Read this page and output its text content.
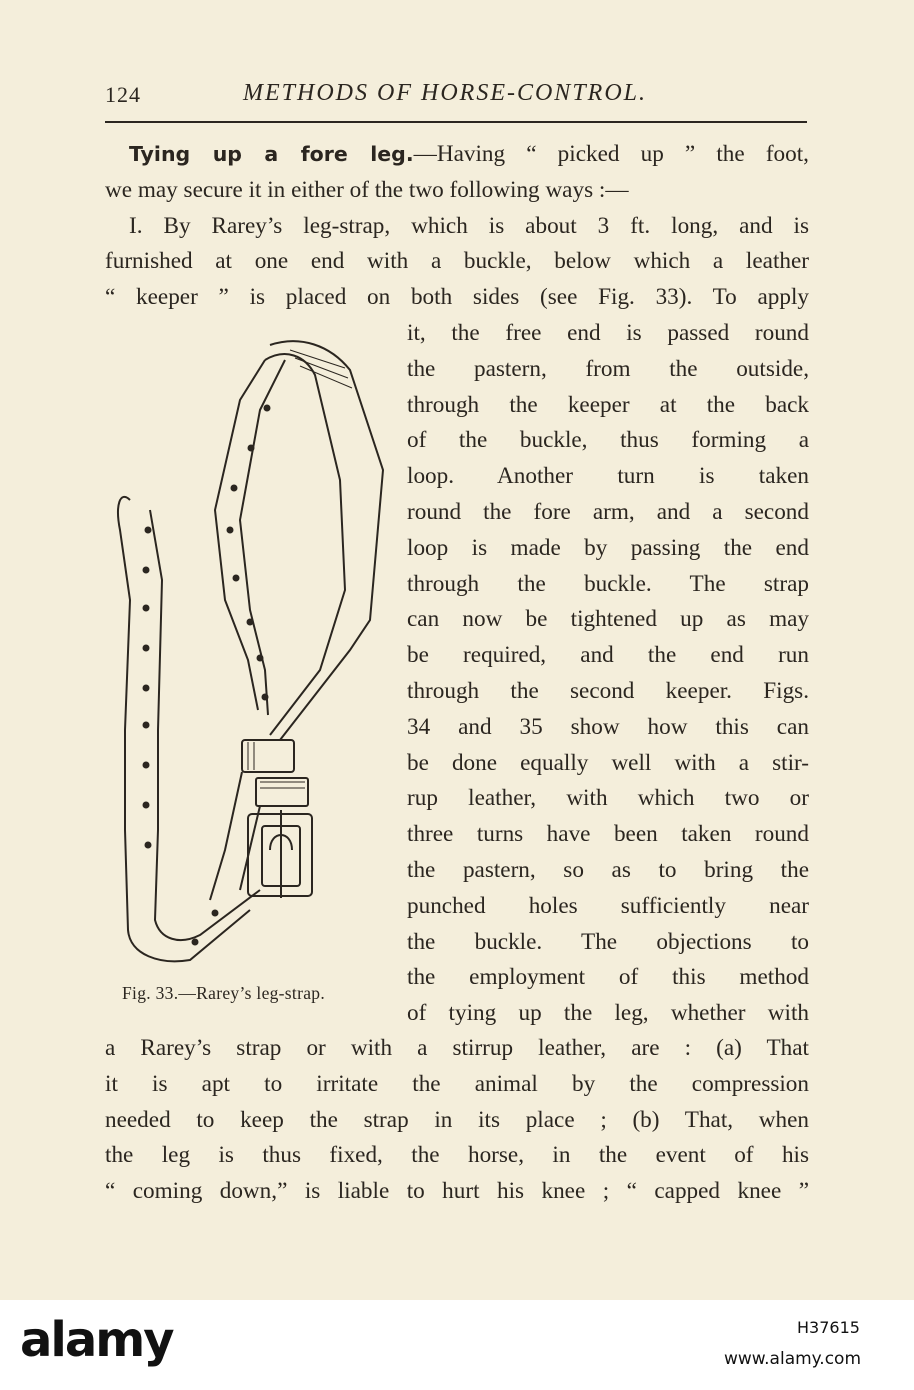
124	METHODS OF HORSE-CONTROL.
Tying up a fore leg.—Having “ picked up ” the foot,
we may secure it in either of the two following ways :—
I. By Rarey’s leg-strap, which is about 3 ft. long, and is
furnished at one end with a buckle, below which a leather
“ keeper ” is placed on both sides (see Fig. 33). To apply
Fig. 33.—Rarey’s leg-strap.
it, the free end is passed round
the pastern, from the outside,
through the keeper at the back
of the buckle, thus forming a
loop. Another turn is taken
round the fore arm, and a second
loop is made by passing the end
through the buckle. The strap
can now be tightened up as may
be required, and the end run
through the second keeper. Figs.
34 and 35 show how this can
be done equally well with a stir-
rup leather, with which two or
three turns have been taken round
the pastern, so as to bring the
punched holes sufficiently near
the buckle. The objections to
the employment of this method
of tying up the leg, whether with
a Rarey’s strap or with a stirrup leather, are : (a) That
it is apt to irritate the animal by the compression
needed to keep the strap in its place ; (b) That, when
the leg is thus fixed, the horse, in the event of his
“ coming down,” is liable to hurt his knee ; “ capped knee ”
alamy	H37615
www.alamy.com
